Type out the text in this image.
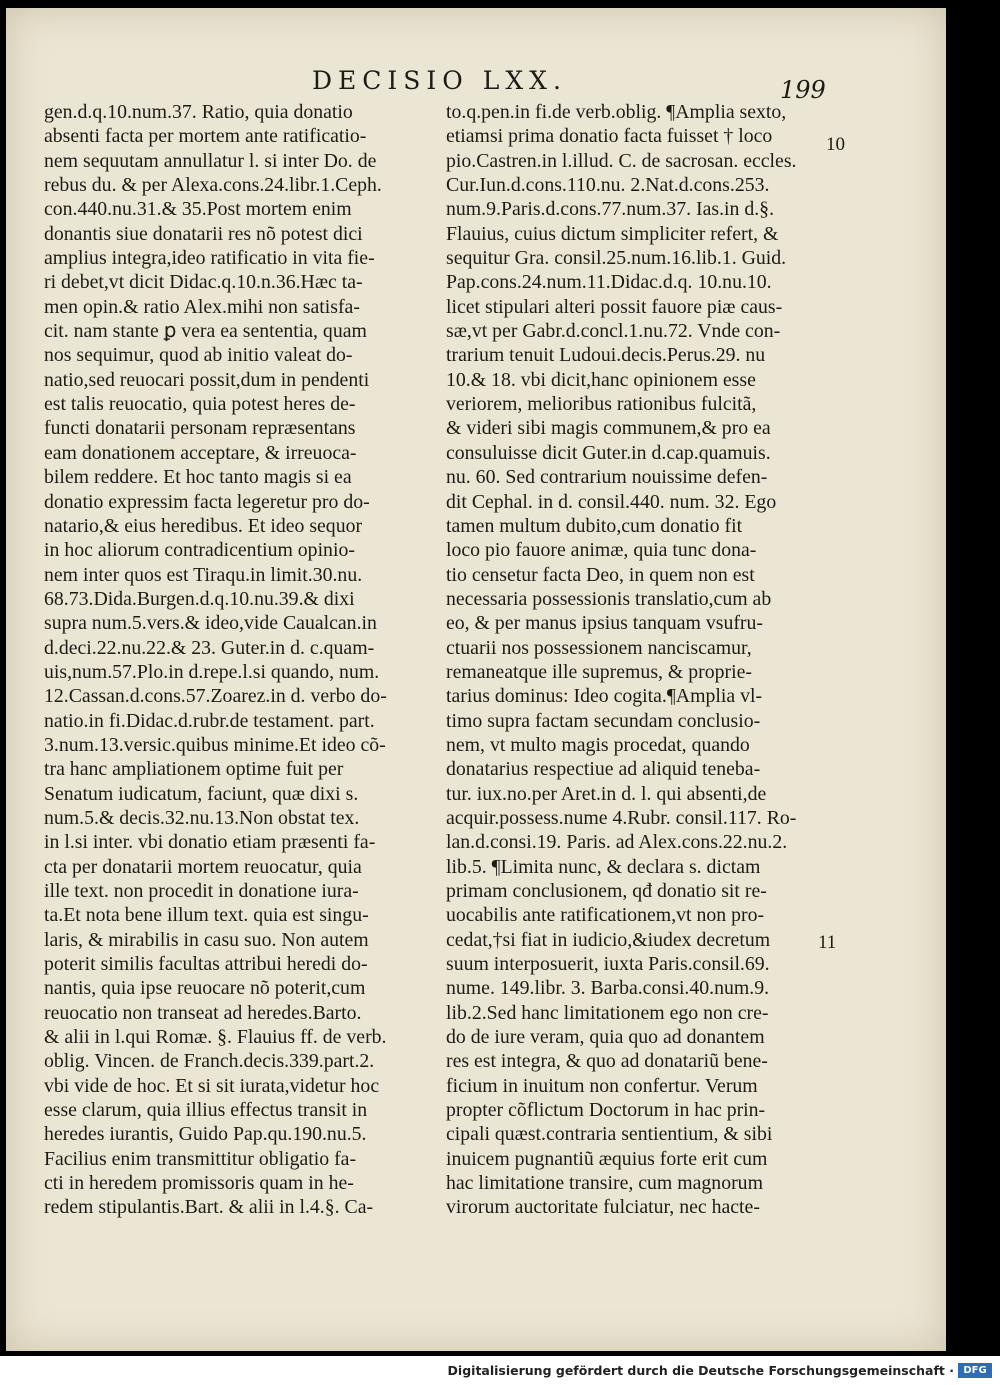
DECISIO LXX.	199

gen.d.q.10.num.37. Ratio, quia donatio

absenti facta per mortem ante ratificatio-

nem sequutam annullatur l. si inter Do. de

rebus du. & per Alexa.cons.24.libr.1.Ceph.

con.440.nu.31.& 35.Post mortem enim

donantis siue donatarii res nõ potest dici

amplius integra,ideo ratificatio in vita fie-

ri debet,vt dicit Didac.q.10.n.36.Hæc ta-

men opin.& ratio Alex.mihi non satisfa-

cit. nam stante ꝑ vera ea sententia, quam

nos sequimur, quod ab initio valeat do-

natio,sed reuocari possit,dum in pendenti

est talis reuocatio, quia potest heres de-

functi donatarii personam repræsentans

eam donationem acceptare, & irreuoca-

bilem reddere. Et hoc tanto magis si ea

donatio expressim facta legeretur pro do-

natario,& eius heredibus. Et ideo sequor

in hoc aliorum contradicentium opinio-

nem inter quos est Tiraqu.in limit.30.nu.

68.73.Dida.Burgen.d.q.10.nu.39.& dixi

supra num.5.vers.& ideo,vide Caualcan.in

d.deci.22.nu.22.& 23. Guter.in d. c.quam-

uis,num.57.Plo.in d.repe.l.si quando, num.

12.Cassan.d.cons.57.Zoarez.in d. verbo do-

natio.in fi.Didac.d.rubr.de testament. part.

3.num.13.versic.quibus minime.Et ideo cõ-

tra hanc ampliationem optime fuit per

Senatum iudicatum, faciunt, quæ dixi s.

num.5.& decis.32.nu.13.Non obstat tex.

in l.si inter. vbi donatio etiam præsenti fa-

cta per donatarii mortem reuocatur, quia

ille text. non procedit in donatione iura-

ta.Et nota bene illum text. quia est singu-

laris, & mirabilis in casu suo. Non autem

poterit similis facultas attribui heredi do-

nantis, quia ipse reuocare nõ poterit,cum

reuocatio non transeat ad heredes.Barto.

& alii in l.qui Romæ. §. Flauius ff. de verb.

oblig. Vincen. de Franch.decis.339.part.2.

vbi vide de hoc. Et si sit iurata,videtur hoc

esse clarum, quia illius effectus transit in

heredes iurantis, Guido Pap.qu.190.nu.5.

Facilius enim transmittitur obligatio fa-

cti in heredem promissoris quam in he-

redem stipulantis.Bart. & alii in l.4.§. Ca-

to.q.pen.in fi.de verb.oblig. ¶Amplia sexto,

etiamsi prima donatio facta fuisset † loco

pio.Castren.in l.illud. C. de sacrosan. eccles.

Cur.Iun.d.cons.110.nu. 2.Nat.d.cons.253.

num.9.Paris.d.cons.77.num.37. Ias.in d.§.

Flauius, cuius dictum simpliciter refert, &

sequitur Gra. consil.25.num.16.lib.1. Guid.

Pap.cons.24.num.11.Didac.d.q. 10.nu.10.

licet stipulari alteri possit fauore piæ caus-

sæ,vt per Gabr.d.concl.1.nu.72. Vnde con-

trarium tenuit Ludoui.decis.Perus.29. nu

10.& 18. vbi dicit,hanc opinionem esse

veriorem, melioribus rationibus fulcitã,

& videri sibi magis communem,& pro ea

consuluisse dicit Guter.in d.cap.quamuis.

nu. 60. Sed contrarium nouissime defen-

dit Cephal. in d. consil.440. num. 32. Ego

tamen multum dubito,cum donatio fit

loco pio fauore animæ, quia tunc dona-

tio censetur facta Deo, in quem non est

necessaria possessionis translatio,cum ab

eo, & per manus ipsius tanquam vsufru-

ctuarii nos possessionem nanciscamur,

remaneatque ille supremus, & proprie-

tarius dominus: Ideo cogita.¶Amplia vl-

timo supra factam secundam conclusio-

nem, vt multo magis procedat, quando

donatarius respectiue ad aliquid teneba-

tur. iux.no.per Aret.in d. l. qui absenti,de

acquir.possess.nume 4.Rubr. consil.117. Ro-

lan.d.consi.19. Paris. ad Alex.cons.22.nu.2.

lib.5. ¶Limita nunc, & declara s. dictam

primam conclusionem, qđ donatio sit re-

uocabilis ante ratificationem,vt non pro-

cedat,†si fiat in iudicio,&iudex decretum

suum interposuerit, iuxta Paris.consil.69.

nume. 149.libr. 3. Barba.consi.40.num.9.

lib.2.Sed hanc limitationem ego non cre-

do de iure veram, quia quo ad donantem

res est integra, & quo ad donatariũ bene-

ficium in inuitum non confertur. Verum

propter cõflictum Doctorum in hac prin-

cipali quæst.contraria sentientium, & sibi

inuicem pugnantiũ æquius forte erit cum

hac limitatione transire, cum magnorum

virorum auctoritate fulciatur, nec hacte-

10
11
Digitalisierung gefördert durch die Deutsche Forschungsgemeinschaft · DFG
